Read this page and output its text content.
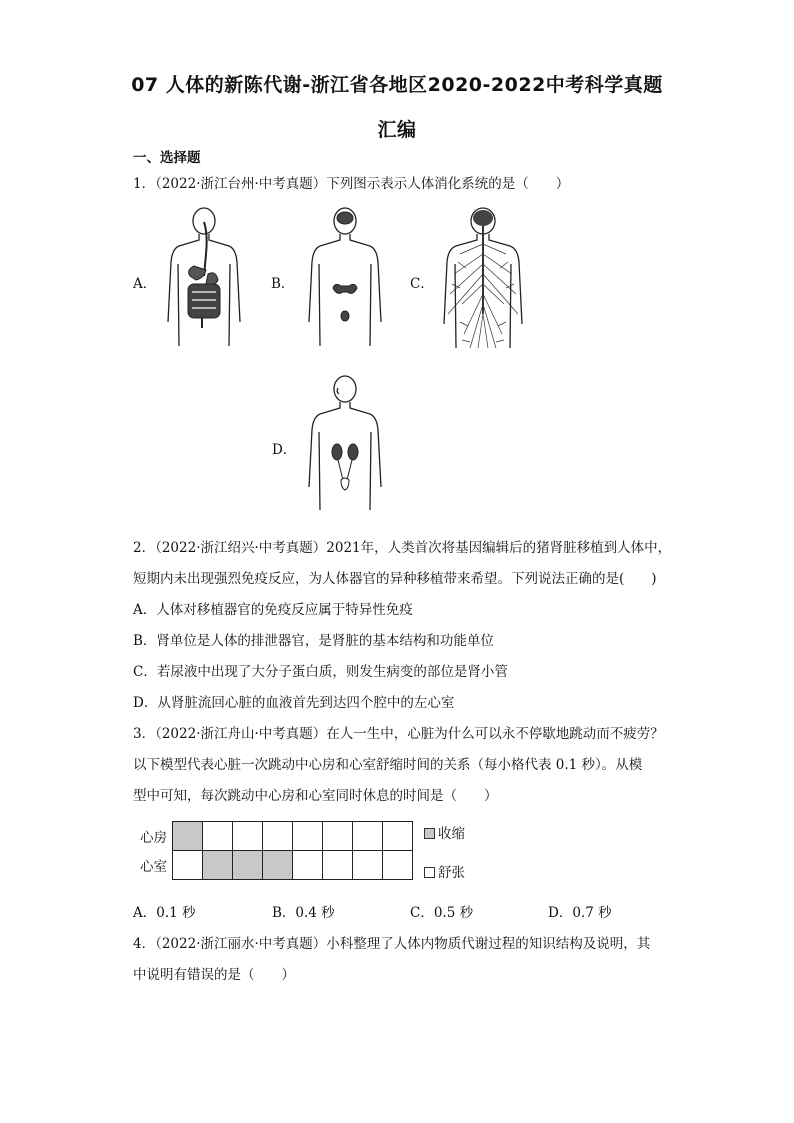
07 人体的新陈代谢-浙江省各地区2020-2022中考科学真题
汇编
一、选择题
1．（2022·浙江台州·中考真题）下列图示表示人体消化系统的是（　　）
A．	B．	C．
D．
2．（2022·浙江绍兴·中考真题）2021年，人类首次将基因编辑后的猪肾脏移植到人体中，
短期内未出现强烈免疫反应，为人体器官的异种移植带来希望。下列说法正确的是(　　)
A．人体对移植器官的免疫反应属于特异性免疫
B．肾单位是人体的排泄器官，是肾脏的基本结构和功能单位
C．若尿液中出现了大分子蛋白质，则发生病变的部位是肾小管
D．从肾脏流回心脏的血液首先到达四个腔中的左心室
3．（2022·浙江舟山·中考真题）在人一生中，心脏为什么可以永不停歇地跳动而不疲劳？
以下模型代表心脏一次跳动中心房和心室舒缩时间的关系（每小格代表 0.1 秒）。从模
型中可知，每次跳动中心房和心室同时休息的时间是（　　）
心房
心室

收缩
舒张
A．0.1 秒	B．0.4 秒	C．0.5 秒	D．0.7 秒
4．（2022·浙江丽水·中考真题）小科整理了人体内物质代谢过程的知识结构及说明，其
中说明有错误的是（　　）
